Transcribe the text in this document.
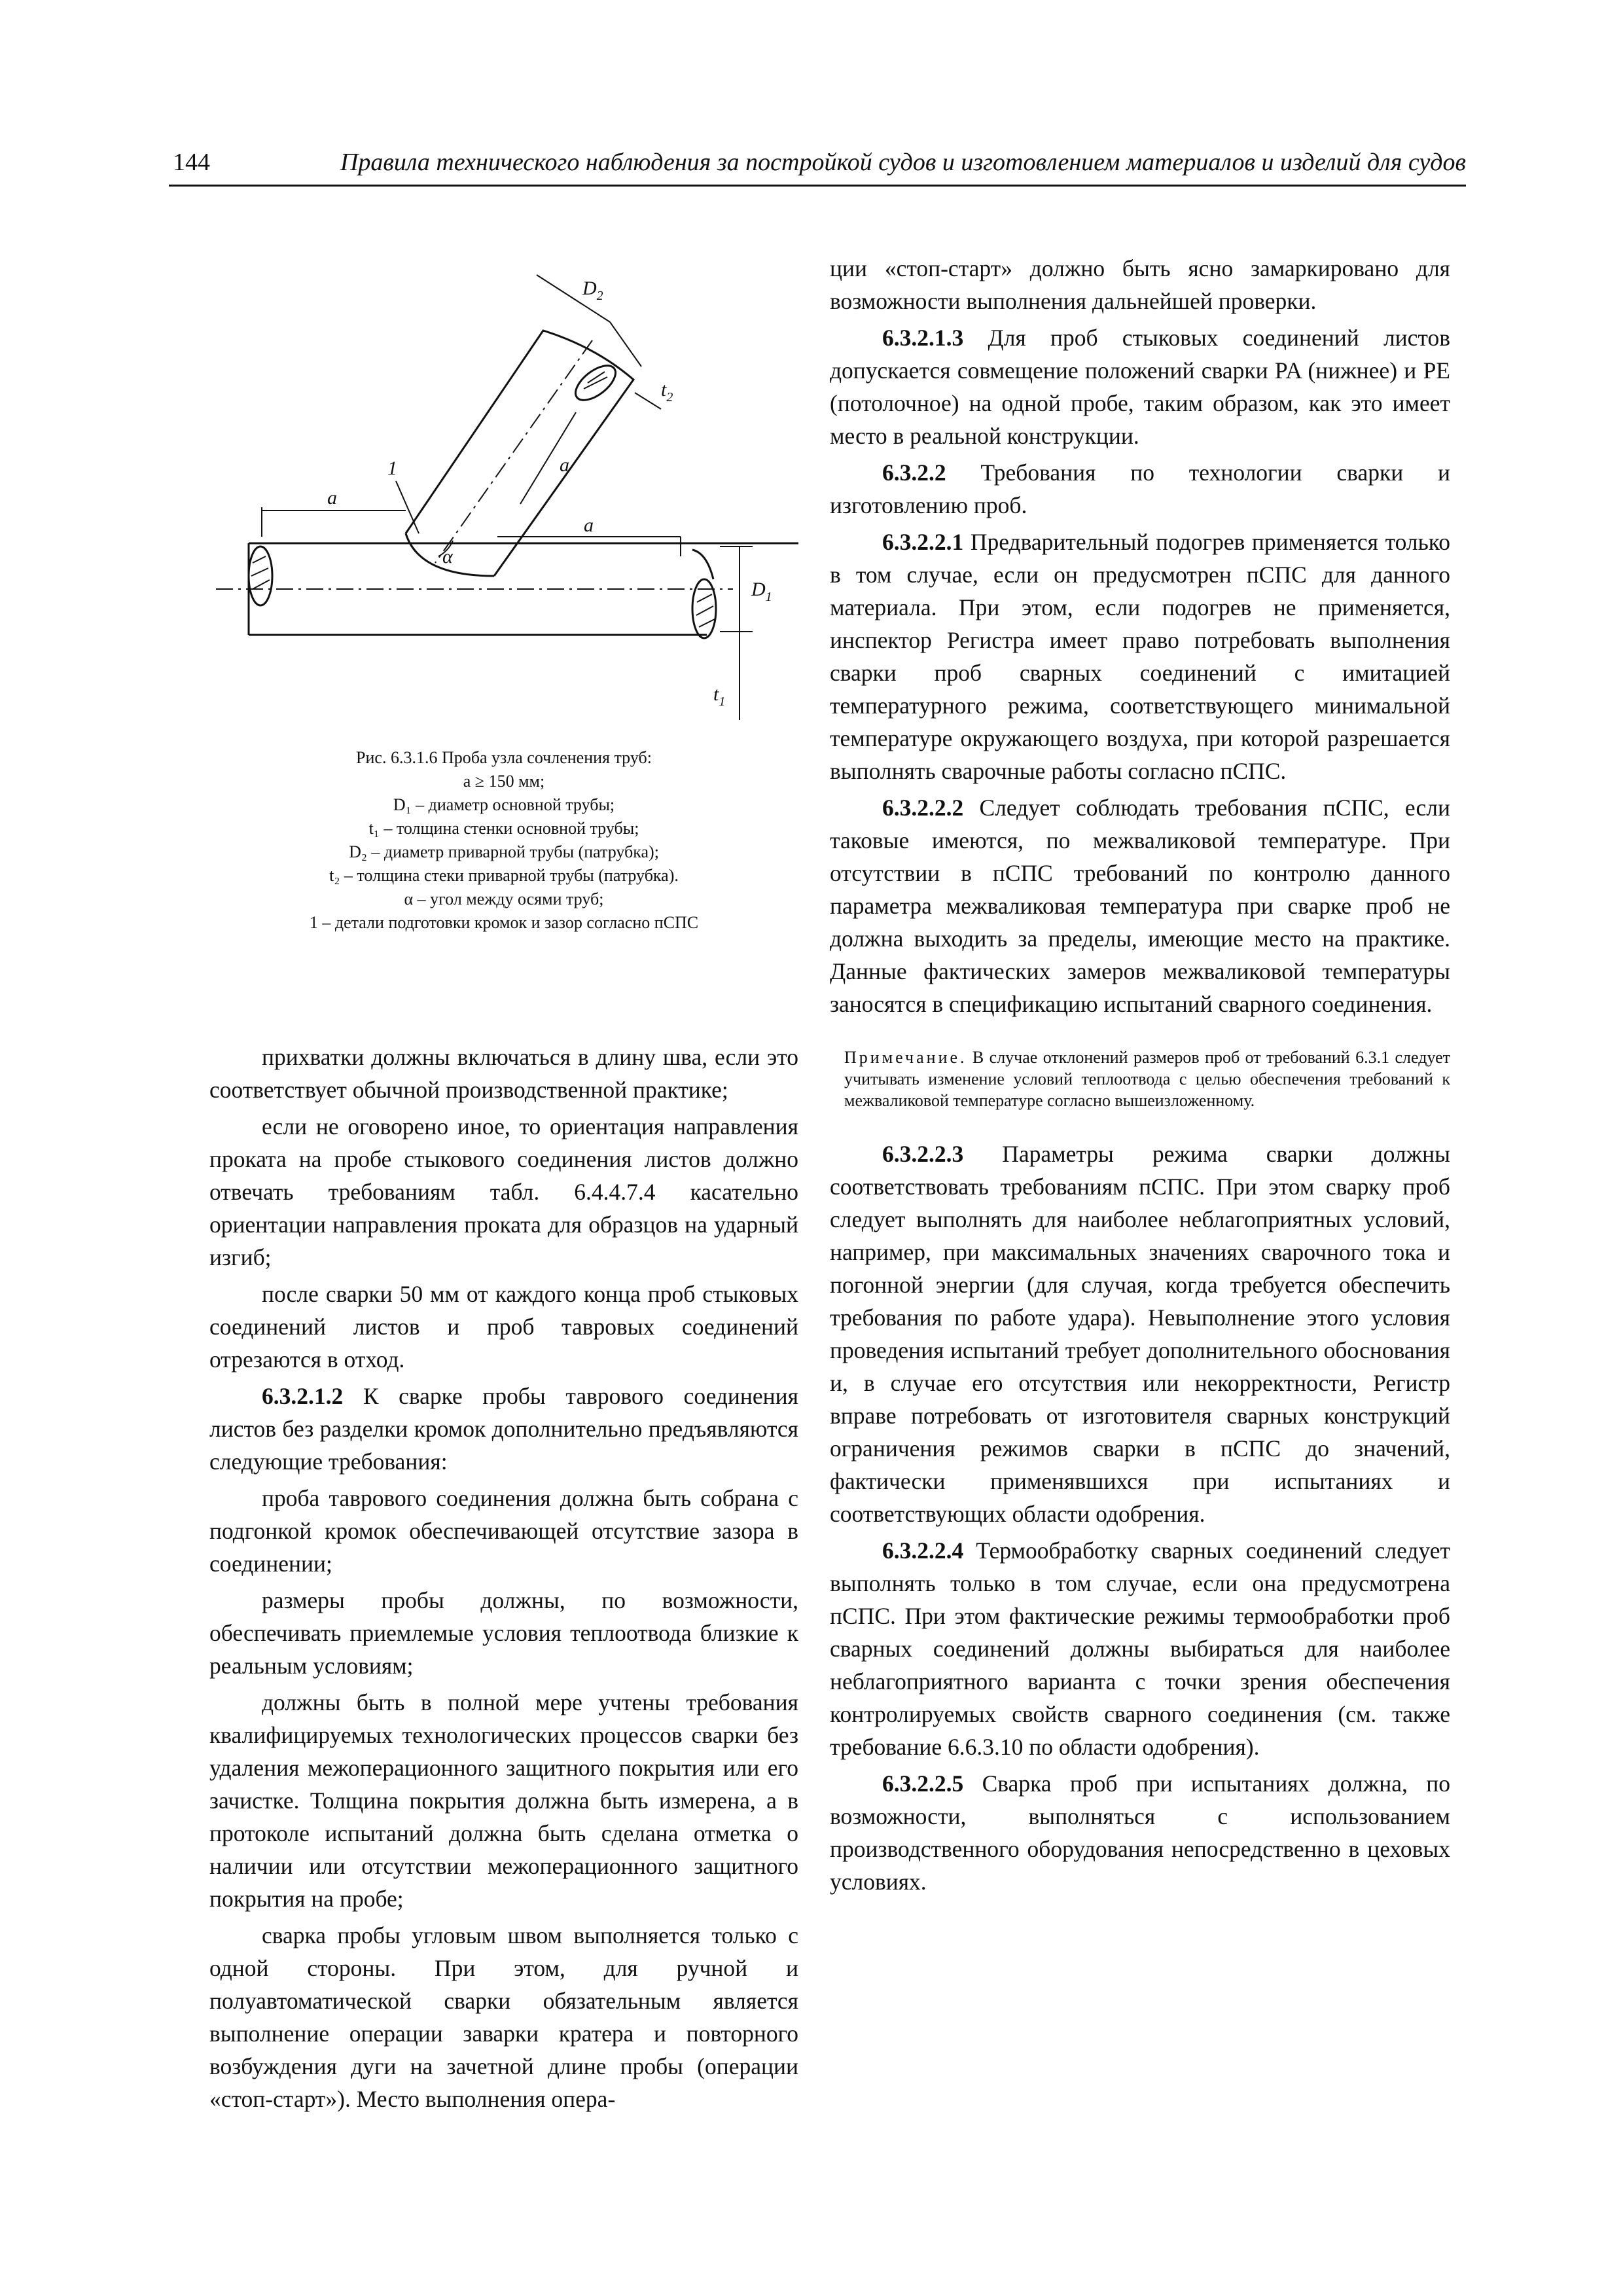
144	Правила технического наблюдения за постройкой судов и изготовлением материалов и изделий для судов
$D_2$
$t_2$
a
1
a
a
α
$D_1$
$t_1$
Рис. 6.3.1.6 Проба узла сочленения труб:
a ≥ 150 мм;
D₁ – диаметр основной трубы;
t₁ – толщина стенки основной трубы;
D₂ – диаметр приварной трубы (патрубка);
t₂ – толщина стеки приварной трубы (патрубка).
α – угол между осями труб;
1 – детали подготовки кромок и зазор согласно пСПС

прихватки должны включаться в длину шва, если это соответствует обычной производственной практике;

если не оговорено иное, то ориентация направления проката на пробе стыкового соединения листов должно отвечать требованиям табл. 6.4.4.7.4 касательно ориентации направления проката для образцов на ударный изгиб;

после сварки 50 мм от каждого конца проб стыковых соединений листов и проб тавровых соединений отрезаются в отход.

6.3.2.1.2 К сварке пробы таврового соединения листов без разделки кромок дополнительно предъявляются следующие требования:

проба таврового соединения должна быть собрана с подгонкой кромок обеспечивающей отсутствие зазора в соединении;

размеры пробы должны, по возможности, обеспечивать приемлемые условия теплоотвода близкие к реальным условиям;

должны быть в полной мере учтены требования квалифицируемых технологических процессов сварки без удаления межоперационного защитного покрытия или его зачистке. Толщина покрытия должна быть измерена, а в протоколе испытаний должна быть сделана отметка о наличии или отсутствии межоперационного защитного покрытия на пробе;

сварка пробы угловым швом выполняется только с одной стороны. При этом, для ручной и полуавтоматической сварки обязательным является выполнение операции заварки кратера и повторного возбуждения дуги на зачетной длине пробы (операции «стоп-старт»). Место выполнения опера-

ции «стоп-старт» должно быть ясно замаркировано для возможности выполнения дальнейшей проверки.

6.3.2.1.3 Для проб стыковых соединений листов допускается совмещение положений сварки PA (нижнее) и PE (потолочное) на одной пробе, таким образом, как это имеет место в реальной конструкции.

6.3.2.2 Требования по технологии сварки и изготовлению проб.

6.3.2.2.1 Предварительный подогрев применяется только в том случае, если он предусмотрен пСПС для данного материала. При этом, если подогрев не применяется, инспектор Регистра имеет право потребовать выполнения сварки проб сварных соединений с имитацией температурного режима, соответствующего минимальной температуре окружающего воздуха, при которой разрешается выполнять сварочные работы согласно пСПС.

6.3.2.2.2 Следует соблюдать требования пСПС, если таковые имеются, по межваликовой температуре. При отсутствии в пСПС требований по контролю данного параметра межваликовая температура при сварке проб не должна выходить за пределы, имеющие место на практике. Данные фактических замеров межваликовой температуры заносятся в спецификацию испытаний сварного соединения.

Примечание. В случае отклонений размеров проб от требований 6.3.1 следует учитывать изменение условий теплоотвода с целью обеспечения требований к межваликовой температуре согласно вышеизложенному.

6.3.2.2.3 Параметры режима сварки должны соответствовать требованиям пСПС. При этом сварку проб следует выполнять для наиболее неблагоприятных условий, например, при максимальных значениях сварочного тока и погонной энергии (для случая, когда требуется обеспечить требования по работе удара). Невыполнение этого условия проведения испытаний требует дополнительного обоснования и, в случае его отсутствия или некорректности, Регистр вправе потребовать от изготовителя сварных конструкций ограничения режимов сварки в пСПС до значений, фактически применявшихся при испытаниях и соответствующих области одобрения.

6.3.2.2.4 Термообработку сварных соединений следует выполнять только в том случае, если она предусмотрена пСПС. При этом фактические режимы термообработки проб сварных соединений должны выбираться для наиболее неблагоприятного варианта с точки зрения обеспечения контролируемых свойств сварного соединения (см. также требование 6.6.3.10 по области одобрения).

6.3.2.2.5 Сварка проб при испытаниях должна, по возможности, выполняться с использованием производственного оборудования непосредственно в цеховых условиях.
